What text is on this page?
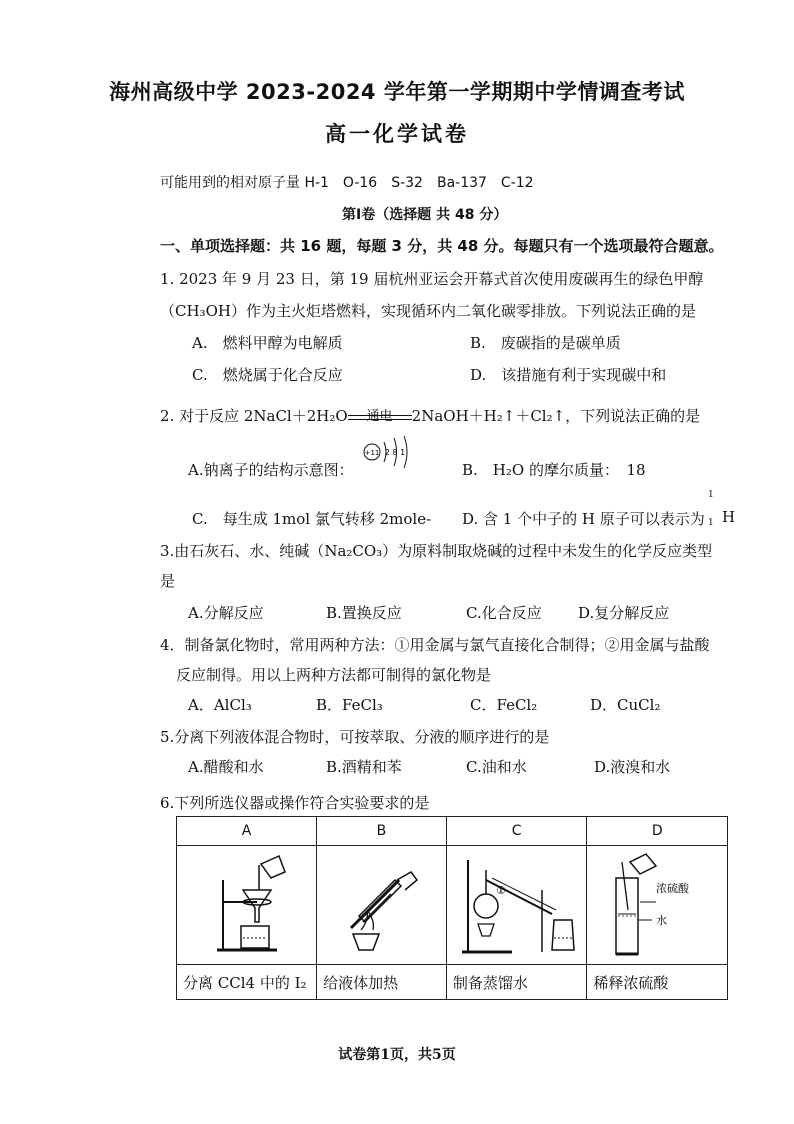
海州高级中学 2023-2024 学年第一学期期中学情调查考试
高一化学试卷
可能用到的相对原子量 H-1　O-16　S-32　Ba-137　C-12
第Ⅰ卷（选择题 共 48 分）
一、单项选择题：共 16 题，每题 3 分，共 48 分。每题只有一个选项最符合题意。
1. 2023 年 9 月 23 日，第 19 届杭州亚运会开幕式首次使用废碳再生的绿色甲醇
（CH₃OH）作为主火炬塔燃料，实现循环内二氧化碳零排放。下列说法正确的是
A.　燃料甲醇为电解质	B.　废碳指的是碳单质
C.　燃烧属于化合反应	D.　该措施有利于实现碳中和
2. 对于反应 2NaCl＋2H₂O	通电	2NaOH＋H₂↑＋Cl₂↑，下列说法正确的是
A.钠离子的结构示意图：
+11 2 8 1
B.　H₂O 的摩尔质量：　18
C.　每生成 1mol 氯气转移 2mole- D. 含 1 个中子的 H 原子可以表示为
1
1 H
3.由石灰石、水、纯碱（Na₂CO₃）为原料制取烧碱的过程中未发生的化学反应类型
是
A.分解反应	B.置换反应	C.化合反应 D.复分解反应
4．制备氯化物时，常用两种方法：①用金属与氯气直接化合制得；②用金属与盐酸
反应制得。用以上两种方法都可制得的氯化物是
A．AlCl₃	B．FeCl₃	C．FeCl₂	D．CuCl₂
5.分离下列液体混合物时，可按萃取、分液的顺序进行的是
A.醋酸和水	B.酒精和苯	C.油和水	D.液溴和水
6.下列所选仪器或操作符合实验要求的是
A	B	C	D

①	浓硫酸
水

分离 CCl4 中的 I₂	给液体加热	制备蒸馏水	稀释浓硫酸
试卷第1页，共5页
